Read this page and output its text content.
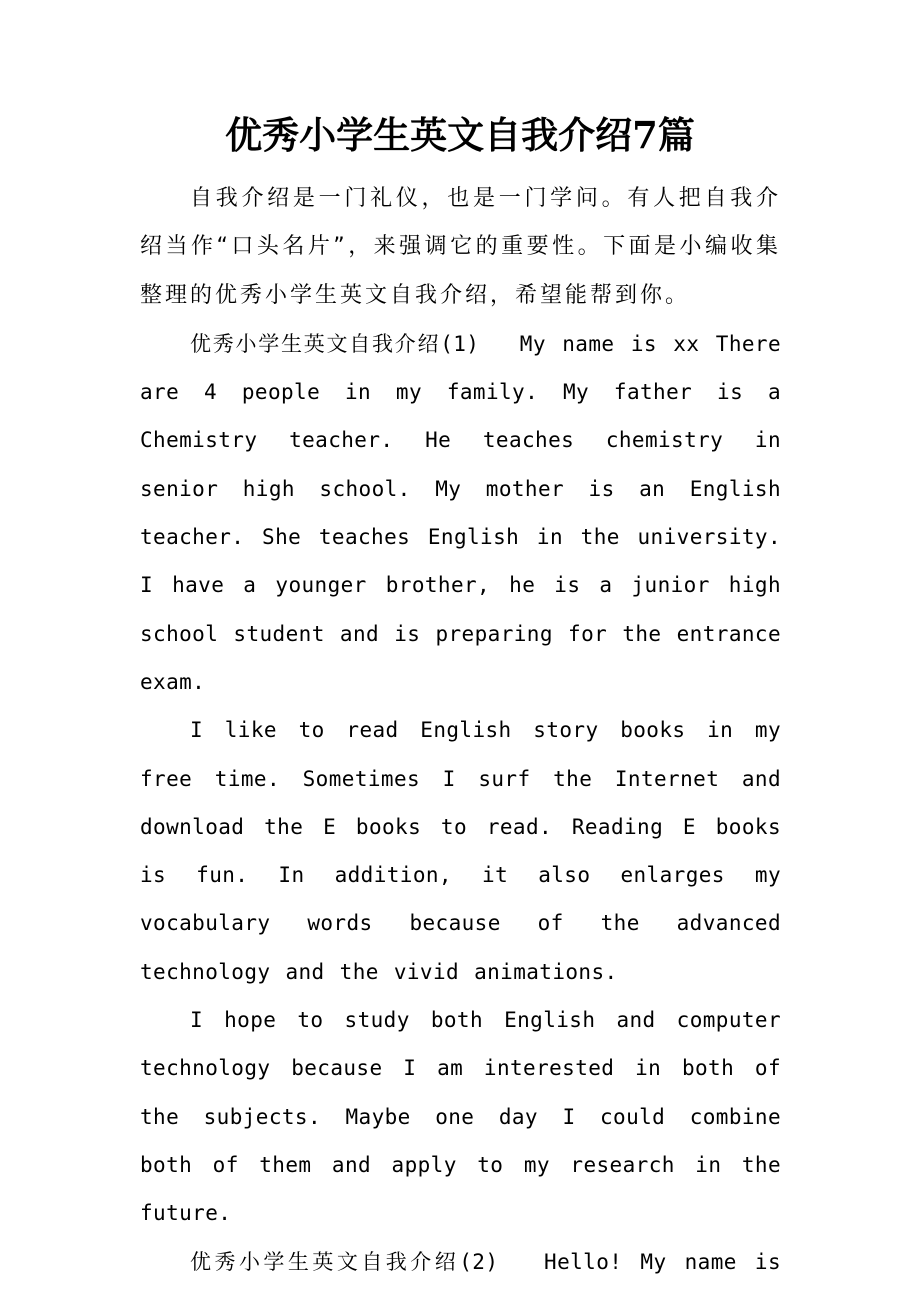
优秀小学生英文自我介绍7篇

自我介绍是一门礼仪，也是一门学问。有人把自我介绍当作“口头名片”，来强调它的重要性。下面是小编收集整理的优秀小学生英文自我介绍，希望能帮到你。

优秀小学生英文自我介绍(1)　 My name is xx There are 4 people in my family. My father is a Chemistry teacher. He teaches chemistry in senior high school. My mother is an English teacher. She teaches English in the university. I have a younger brother, he is a junior high school student and is preparing for the entrance exam.

I like to read English story books in my free time. Sometimes I surf the Internet and download the E books to read. Reading E books is fun. In addition, it also enlarges my vocabulary words because of the advanced technology and the vivid animations.

I hope to study both English and computer technology because I am interested in both of the subjects. Maybe one day I could combine both of them and apply to my research in the future.

优秀小学生英文自我介绍(2)　 Hello! My name is
